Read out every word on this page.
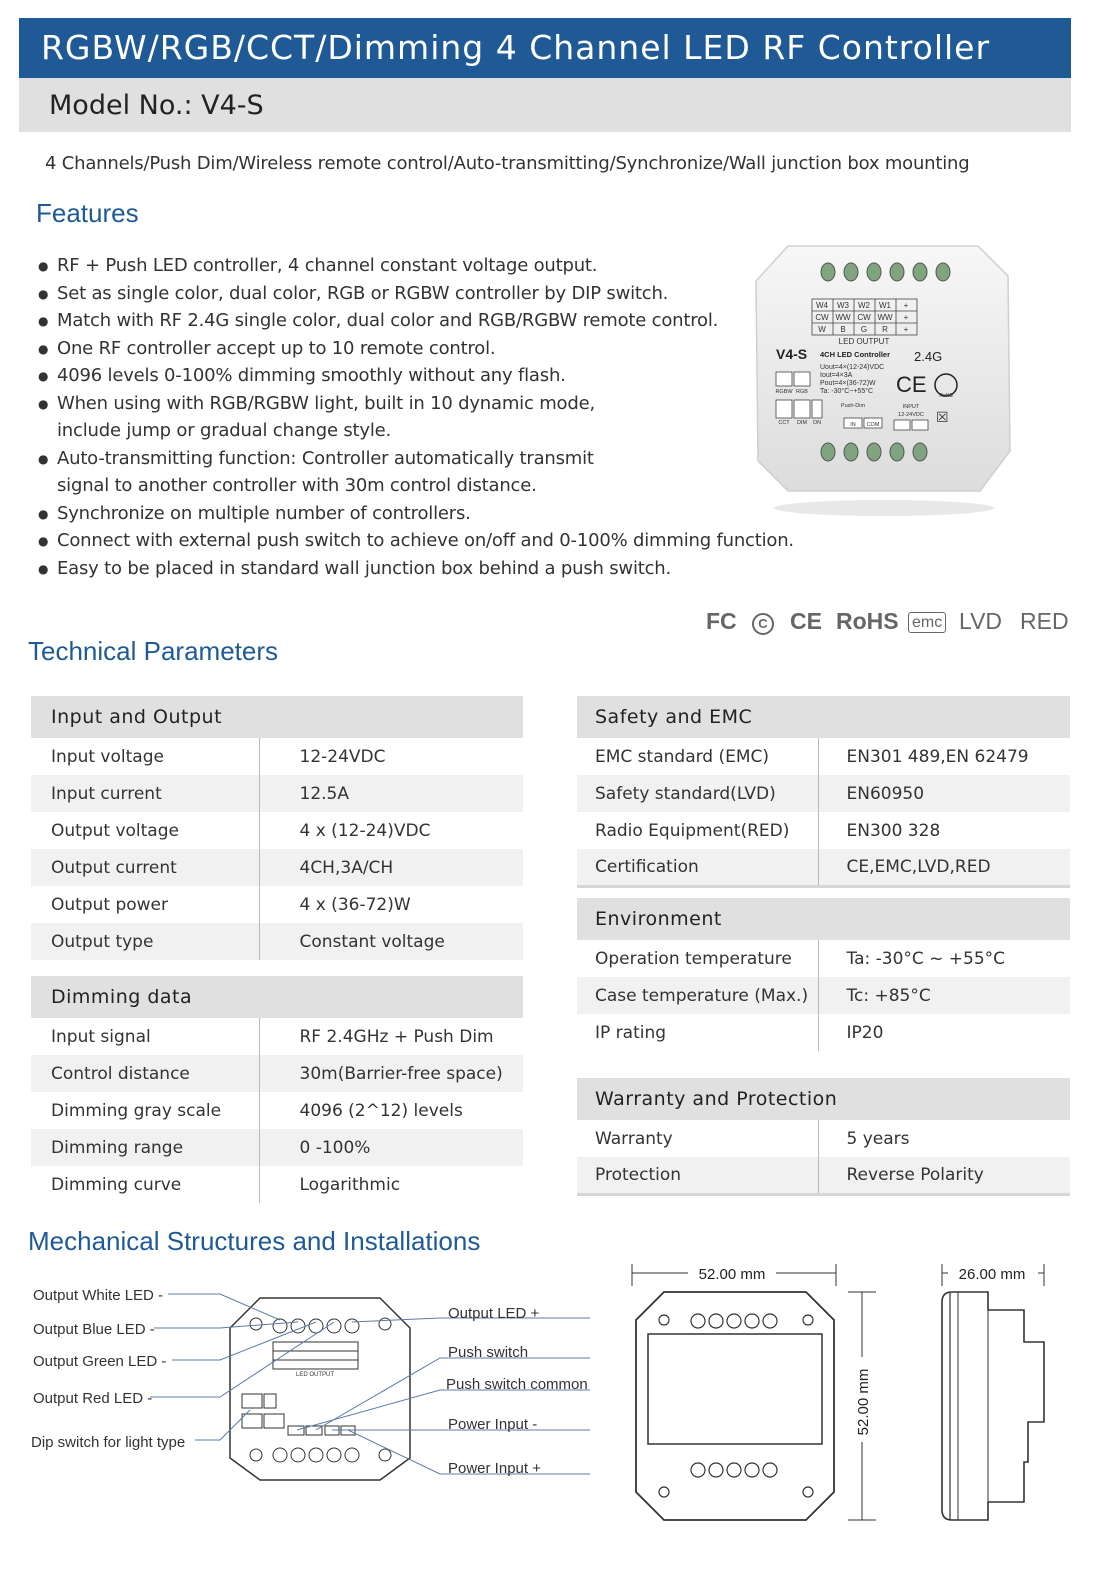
RGBW/RGB/CCT/Dimming 4 Channel LED RF Controller
Model No.: V4-S
4 Channels/Push Dim/Wireless remote control/Auto-transmitting/Synchronize/Wall junction box mounting
Features
● RF + Push LED controller, 4 channel constant voltage output.
● Set as single color, dual color, RGB or RGBW controller by DIP switch.
● Match with RF 2.4G single color, dual color and RGB/RGBW remote control.
● One RF controller accept up to 10 remote control.
● 4096 levels 0-100% dimming smoothly without any flash.
● When using with RGB/RGBW light, built in 10 dynamic mode, include jump or gradual change style.
● Auto-transmitting function: Controller automatically transmit signal to another controller with 30m control distance.
● Synchronize on multiple number of controllers.
● Connect with external push switch to achieve on/off and 0-100% dimming function.
● Easy to be placed in standard wall junction box behind a push switch.
W4 W3 W2 W1 +
CW WW CW WW +
W B G R +
LED OUTPUT
V4-S 4CH LED Controller 2.4G
Uout=4×(12-24)VDC
Iout=4×3A
Pout=4×(36-72)W
Ta: -30°C~+55°C CE	RoHS
RGBW RGB
CCT DIM ON
Push-Dim
IN COM
INPUT
12-24VDC ☒
FC	C CE RoHS emc LVD RED
Technical Parameters
Input and Output	
Input voltage	12-24VDC
Input current	12.5A
Output voltage	4 x (12-24)VDC
Output current	4CH,3A/CH
Output power	4 x (36-72)W
Output type	Constant voltage
Dimming data	
Input signal	RF 2.4GHz + Push Dim
Control distance	30m(Barrier-free space)
Dimming gray scale	4096 (2^12) levels
Dimming range	0 -100%
Dimming curve	Logarithmic
Safety and EMC	
EMC standard (EMC)	EN301 489,EN 62479
Safety standard(LVD)	EN60950
Radio Equipment(RED)	EN300 328
Certification	CE,EMC,LVD,RED
Environment	
Operation temperature	Ta: -30°C ~ +55°C
Case temperature (Max.)	Tc: +85°C
IP rating	IP20
Warranty and Protection	
Warranty	5 years
Protection	Reverse Polarity
Mechanical Structures and Installations
LED OUTPUT
Output White LED -
Output Blue LED -
Output Green LED -
Output Red LED -
Dip switch for light type
Output LED +
Push switch
Push switch common
Power Input -
Power Input +
52.00 mm
52.00 mm
26.00 mm
